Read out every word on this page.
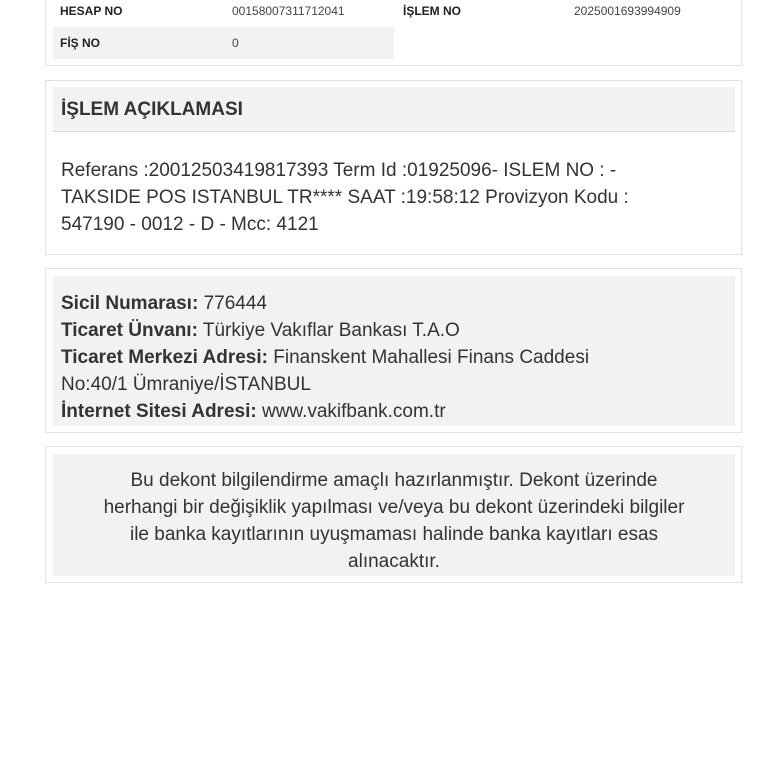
HESAP NO	00158007311712041	İŞLEM NO	2025001693994909
FİŞ NO	0
İŞLEM AÇIKLAMASI
Referans :20012503419817393 Term Id :01925096- ISLEM NO : -
TAKSIDE POS ISTANBUL TR**** SAAT :19:58:12 Provizyon Kodu :
547190 - 0012 - D - Mcc: 4121
Sicil Numarası: 776444
Ticaret Ünvanı: Türkiye Vakıflar Bankası T.A.O
Ticaret Merkezi Adresi: Finanskent Mahallesi Finans Caddesi
No:40/1 Ümraniye/İSTANBUL
İnternet Sitesi Adresi: www.vakifbank.com.tr
Bu dekont bilgilendirme amaçlı hazırlanmıştır. Dekont üzerinde
herhangi bir değişiklik yapılması ve/veya bu dekont üzerindeki bilgiler
ile banka kayıtlarının uyuşmaması halinde banka kayıtları esas
alınacaktır.
